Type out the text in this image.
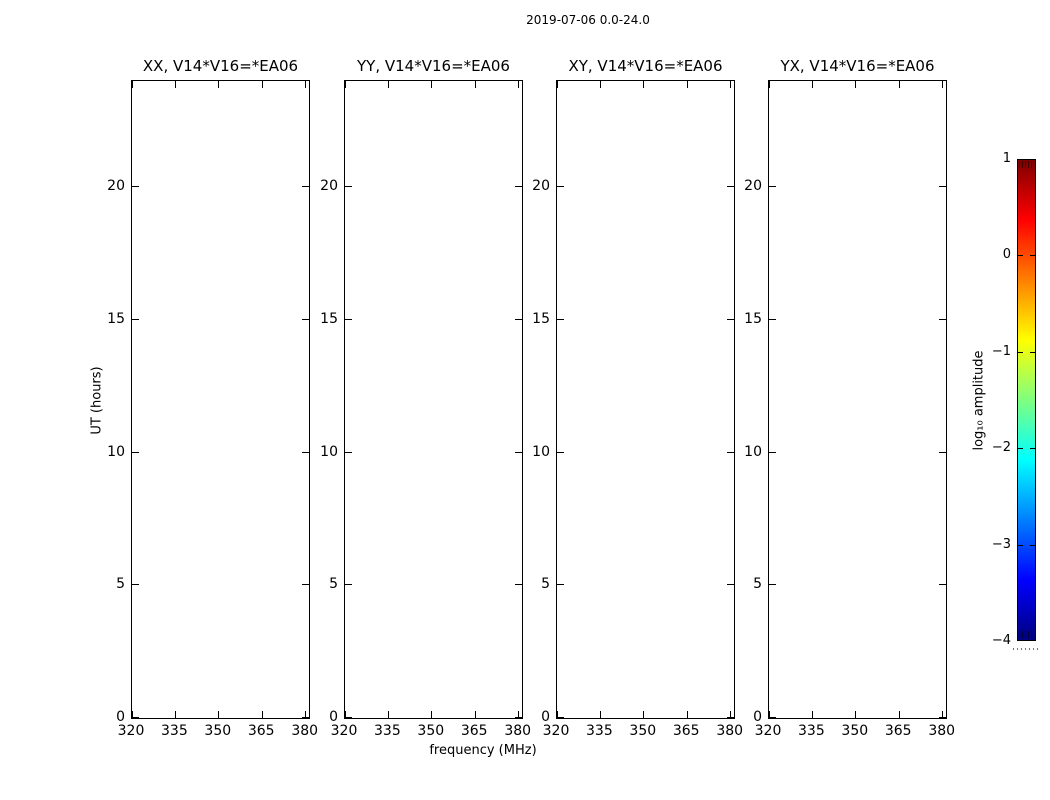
2019-07-06 0.0-24.0
XX, V14*V16=*EA06
320	335	350	365	380
0
5
10
15
20
YY, V14*V16=*EA06
320	335	350	365	380
0
5
10
15
20
XY, V14*V16=*EA06
320	335	350	365	380
0
5
10
15
20
YX, V14*V16=*EA06
320	335	350	365	380
0
5
10
15
20
UT (hours)
frequency (MHz)
1
0
−1
−2
−3
−4
log₁₀ amplitude
